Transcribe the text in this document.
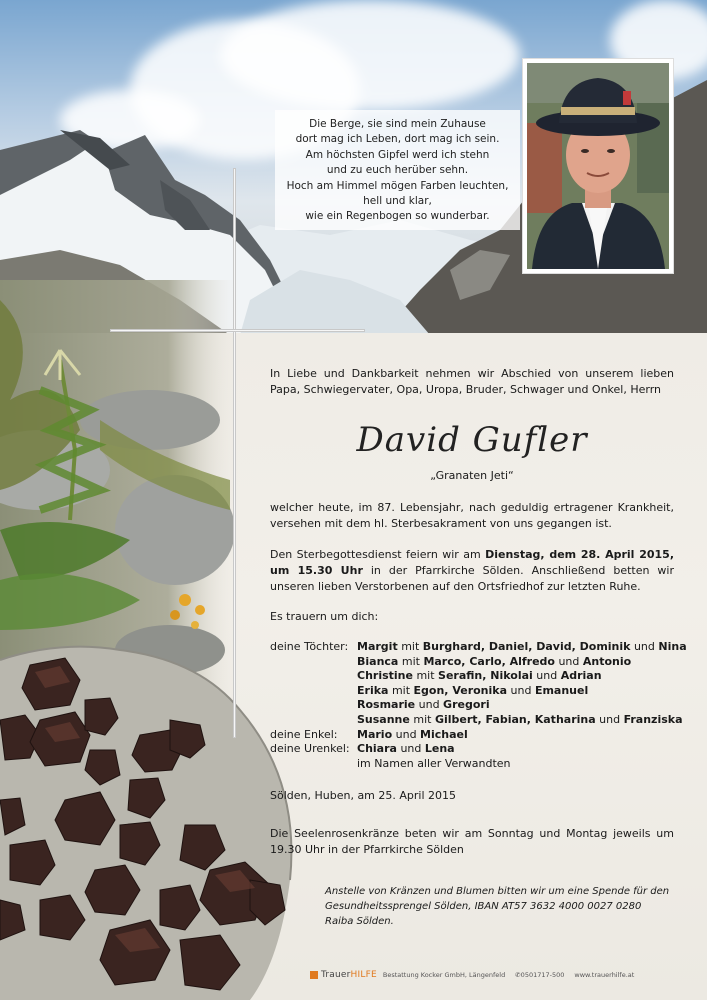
Die Berge, sie sind mein Zuhause
dort mag ich Leben, dort mag ich sein.
Am höchsten Gipfel werd ich stehn
und zu euch herüber sehn.
Hoch am Himmel mögen Farben leuchten,
hell und klar,
wie ein Regenbogen so wunderbar.
In Liebe und Dankbarkeit nehmen wir Abschied von unserem lieben Papa, Schwiegervater, Opa, Uropa, Bruder, Schwager und Onkel, Herrn
David Gufler
„Granaten Jeti“
welcher heute, im 87. Lebensjahr, nach geduldig ertragener Krankheit, versehen mit dem hl. Sterbesakrament von uns gegangen ist.
Den Sterbegottesdienst feiern wir am Dienstag, dem 28. April 2015, um 15.30 Uhr in der Pfarrkirche Sölden. Anschließend betten wir unseren lieben Verstorbenen auf den Ortsfriedhof zur letzten Ruhe.
Es trauern um dich:
deine Töchter: Margit mit Burghard, Daniel, David, Dominik und Nina
Bianca mit Marco, Carlo, Alfredo und Antonio
Christine mit Serafin, Nikolai und Adrian
Erika mit Egon, Veronika und Emanuel
Rosmarie und Gregori
Susanne mit Gilbert, Fabian, Katharina und Franziska
deine Enkel:	Mario und Michael
deine Urenkel: Chiara und Lena
im Namen aller Verwandten
Sölden, Huben, am 25. April 2015
Die Seelenrosenkränze beten wir am Sonntag und Montag jeweils um 19.30 Uhr in der Pfarrkirche Sölden
Anstelle von Kränzen und Blumen bitten wir um eine Spende für den Gesundheitssprengel Sölden, IBAN AT57 3632 4000 0027 0280 Raiba Sölden.
TrauerHILFE Bestattung Kocker GmbH, Längenfeld ✆0501717-500 www.trauerhilfe.at
